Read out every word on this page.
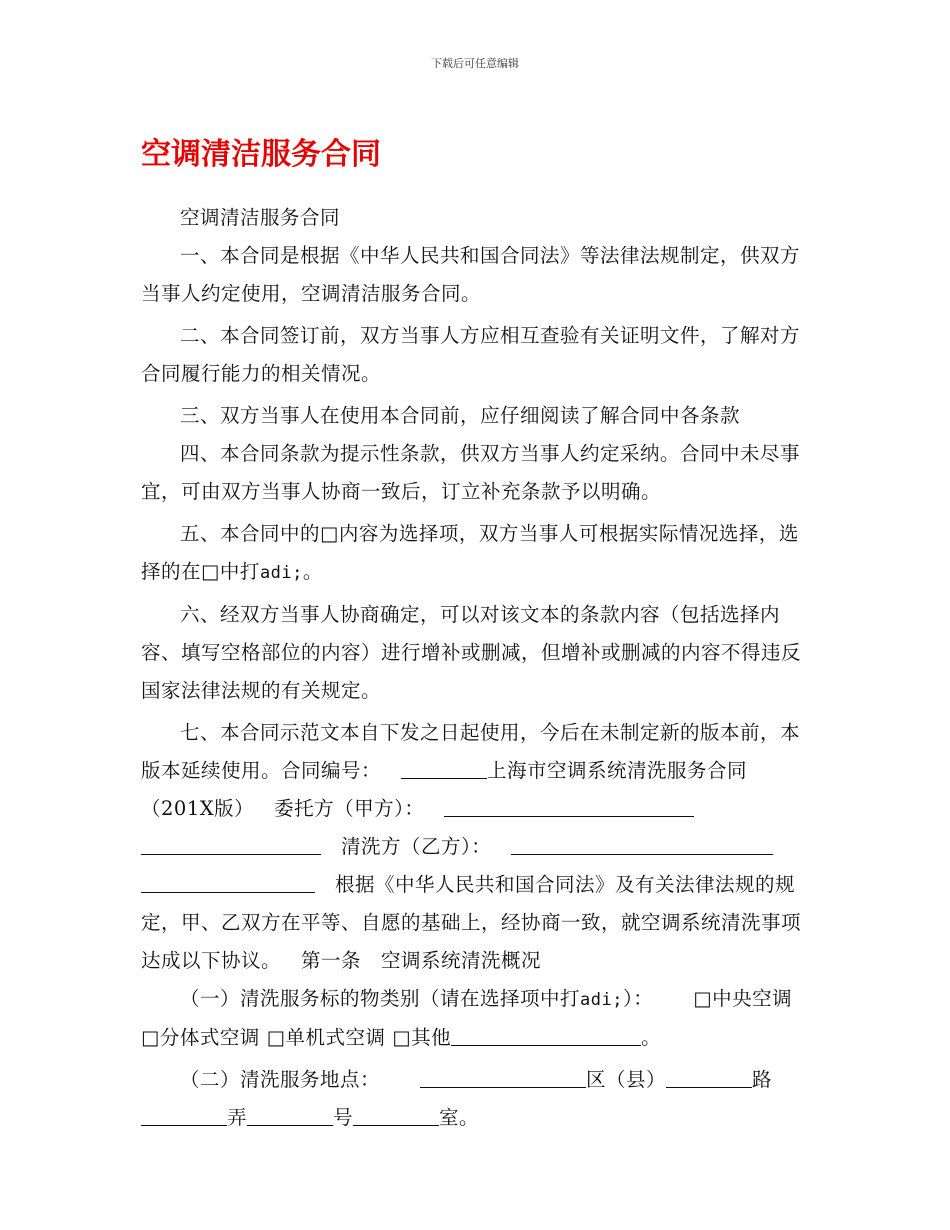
下载后可任意编辑
空调清洁服务合同

空调清洁服务合同

一、本合同是根据《中华人民共和国合同法》等法律法规制定，供双方当事人约定使用，空调清洁服务合同。

二、本合同签订前，双方当事人方应相互查验有关证明文件，了解对方合同履行能力的相关情况。

三、双方当事人在使用本合同前，应仔细阅读了解合同中各条款

四、本合同条款为提示性条款，供双方当事人约定采纳。合同中未尽事宜，可由双方当事人协商一致后，订立补充条款予以明确。

五、本合同中的□内容为选择项，双方当事人可根据实际情况选择，选择的在□中打adi;。

六、经双方当事人协商确定，可以对该文本的条款内容（包括选择内容、填写空格部位的内容）进行增补或删减，但增补或删减的内容不得违反国家法律法规的有关规定。

七、本合同示范文本自下发之日起使用，今后在未制定新的版本前，本版本延续使用。合同编号： 	上海市空调系统清洗服务合同（201X版）  委托方（甲方）：   清洗方（乙方）：   根据《中华人民共和国合同法》及有关法律法规的规定，甲、乙双方在平等、自愿的基础上，经协商一致，就空调系统清洗事项达成以下协议。  第一条　空调系统清洗概况

（一）清洗服务标的物类别（请在选择项中打adi;）：   □中央空调 □分体式空调 □单机式空调 □其他	。

（二）清洗服务地点：  	区（县）	路弄	号	室。
